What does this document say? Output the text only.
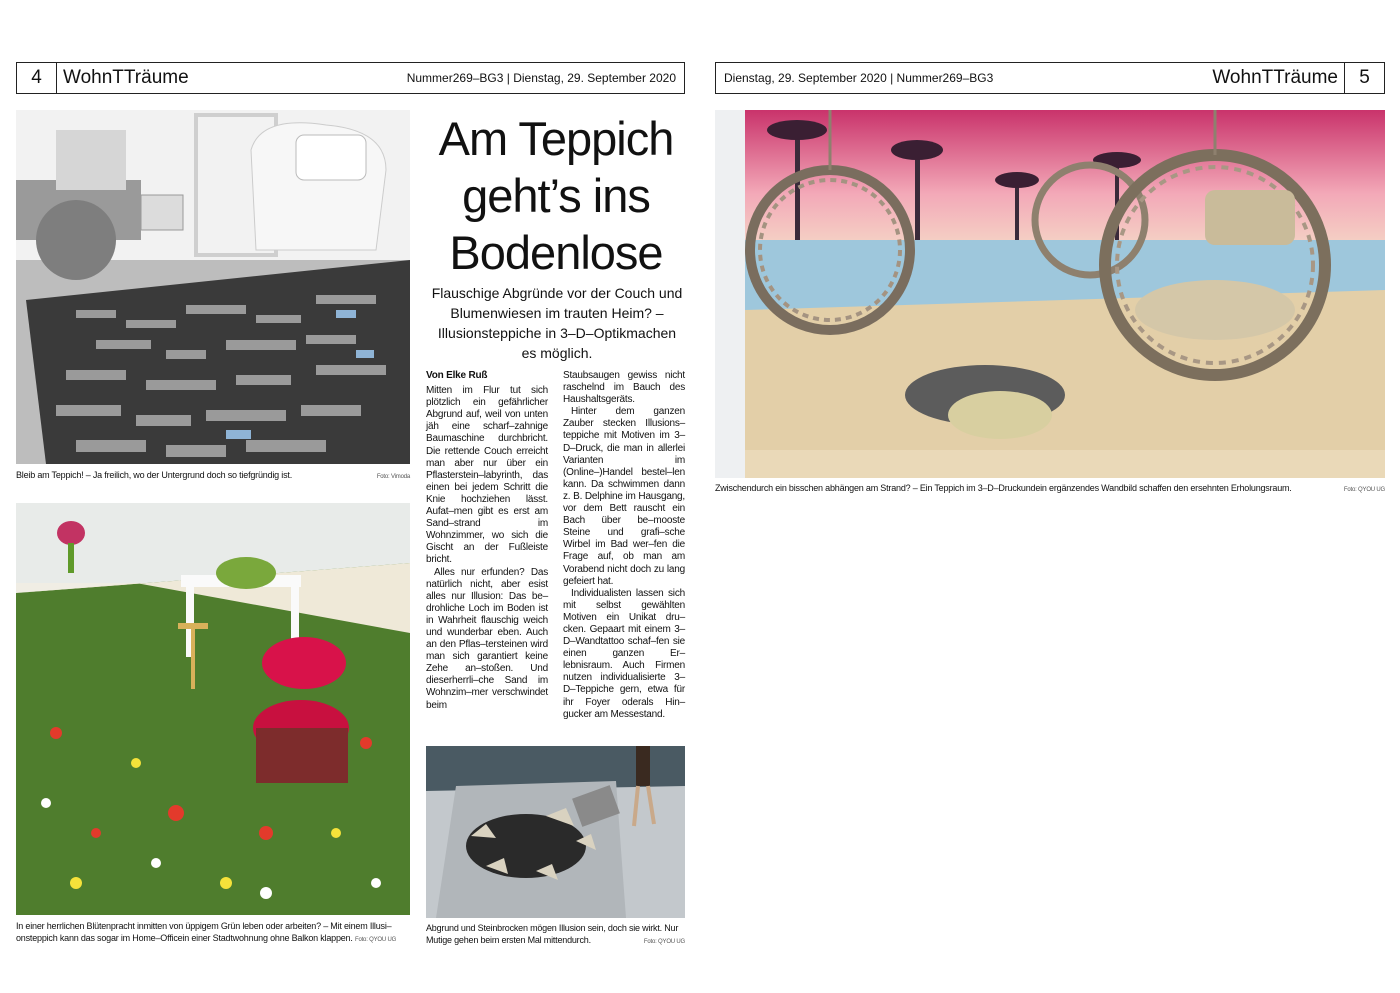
4	WohnTTräume	Nummer269–BG3 | Dienstag, 29. September 2020	Dienstag, 29. September 2020 | Nummer269–BG3	WohnTTräume	5
Bleib am Teppich! – Ja freilich, wo der Untergrund doch so tiefgründig ist.	Foto: Vimoda
In einer herrlichen Blütenpracht inmitten von üppigem Grün leben oder arbeiten? – Mit einem Illusi–onsteppich kann das sogar im Home–Officein einer Stadtwohnung ohne Balkon klappen. Foto: QYOU UG
Am Teppich
geht’s ins
Bodenlose
Flauschige Abgründe vor der Couch und Blumenwiesen im trauten Heim? – Illusionsteppiche in 3–D–Optikmachen es möglich.

Von Elke Ruß

Mitten im Flur tut sich plötzlich ein gefährlicher Abgrund auf, weil von unten jäh eine scharf–zahnige Baumaschine durchbricht. Die rettende Couch erreicht man aber nur über ein Pflasterstein–labyrinth, das einen bei jedem Schritt die Knie hochziehen lässt. Aufat–men gibt es erst am Sand–strand im Wohnzimmer, wo sich die Gischt an der Fußleiste bricht.

Alles nur erfunden? Das natürlich nicht, aber esist alles nur Illusion: Das be–drohliche Loch im Boden ist in Wahrheit flauschig weich und wunderbar eben. Auch an den Pflas–tersteinen wird man sich garantiert keine Zehe an–stoßen. Und dieserherrli–che Sand im Wohnzim–mer verschwindet beim

Staubsaugen gewiss nicht raschelnd im Bauch des Haushaltsgeräts.

Hinter dem ganzen Zauber stecken Illusions–teppiche mit Motiven im 3–D–Druck, die man in allerlei Varianten im (Online–)Handel bestel–len kann. Da schwimmen dann z. B. Delphine im Hausgang, vor dem Bett rauscht ein Bach über be–mooste Steine und grafi–sche Wirbel im Bad wer–fen die Frage auf, ob man am Vorabend nicht doch zu lang gefeiert hat.

Individualisten lassen sich mit selbst gewählten Motiven ein Unikat dru–cken. Gepaart mit einem 3–D–Wandtattoo schaf–fen sie einen ganzen Er–lebnisraum. Auch Firmen nutzen individualisierte 3–D–Teppiche gern, etwa für ihr Foyer oderals Hin–gucker am Messestand.

Abgrund und Steinbrocken mögen Illusion sein, doch sie wirkt. Nur Mutige gehen beim ersten Mal mittendurch.	Foto: QYOU UG
Zwischendurch ein bisschen abhängen am Strand? – Ein Teppich im 3–D–Druckundein ergänzendes Wandbild schaffen den ersehnten Erholungsraum.	Foto: QYOU UG
